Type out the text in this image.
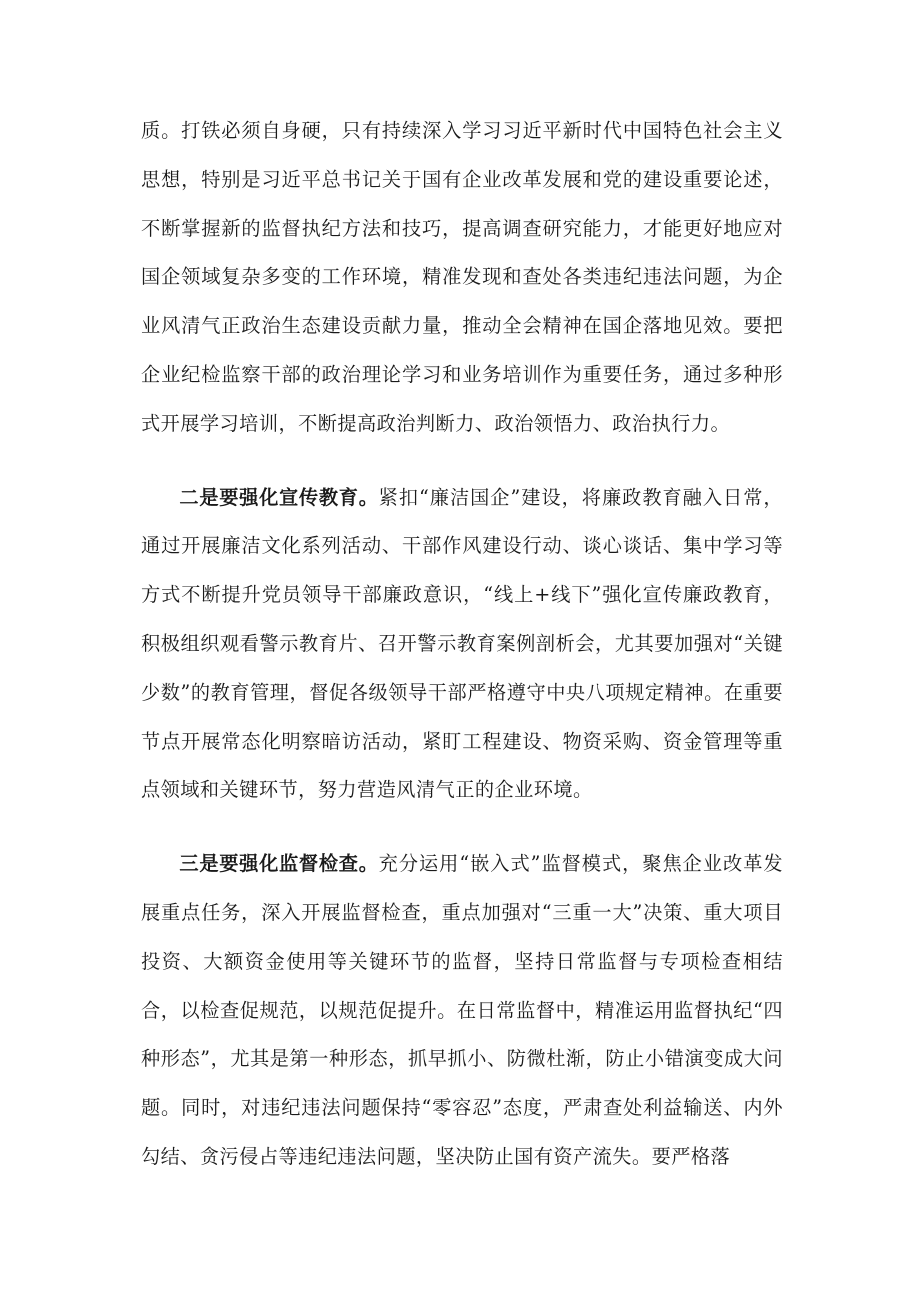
质。打铁必须自身硬，只有持续深入学习习近平新时代中国特色社会主义思想，特别是习近平总书记关于国有企业改革发展和党的建设重要论述，不断掌握新的监督执纪方法和技巧，提高调查研究能力，才能更好地应对国企领域复杂多变的工作环境，精准发现和查处各类违纪违法问题，为企业风清气正政治生态建设贡献力量，推动全会精神在国企落地见效。要把企业纪检监察干部的政治理论学习和业务培训作为重要任务，通过多种形式开展学习培训，不断提高政治判断力、政治领悟力、政治执行力。

二是要强化宣传教育。紧扣“廉洁国企”建设，将廉政教育融入日常，通过开展廉洁文化系列活动、干部作风建设行动、谈心谈话、集中学习等方式不断提升党员领导干部廉政意识，“线上+线下”强化宣传廉政教育，积极组织观看警示教育片、召开警示教育案例剖析会，尤其要加强对“关键少数”的教育管理，督促各级领导干部严格遵守中央八项规定精神。在重要节点开展常态化明察暗访活动，紧盯工程建设、物资采购、资金管理等重点领域和关键环节，努力营造风清气正的企业环境。

三是要强化监督检查。充分运用“嵌入式”监督模式，聚焦企业改革发展重点任务，深入开展监督检查，重点加强对“三重一大”决策、重大项目投资、大额资金使用等关键环节的监督，坚持日常监督与专项检查相结合，以检查促规范，以规范促提升。在日常监督中，精准运用监督执纪“四种形态”，尤其是第一种形态，抓早抓小、防微杜渐，防止小错演变成大问题。同时，对违纪违法问题保持“零容忍”态度，严肃查处利益输送、内外勾结、贪污侵占等违纪违法问题，坚决防止国有资产流失。要严格落
